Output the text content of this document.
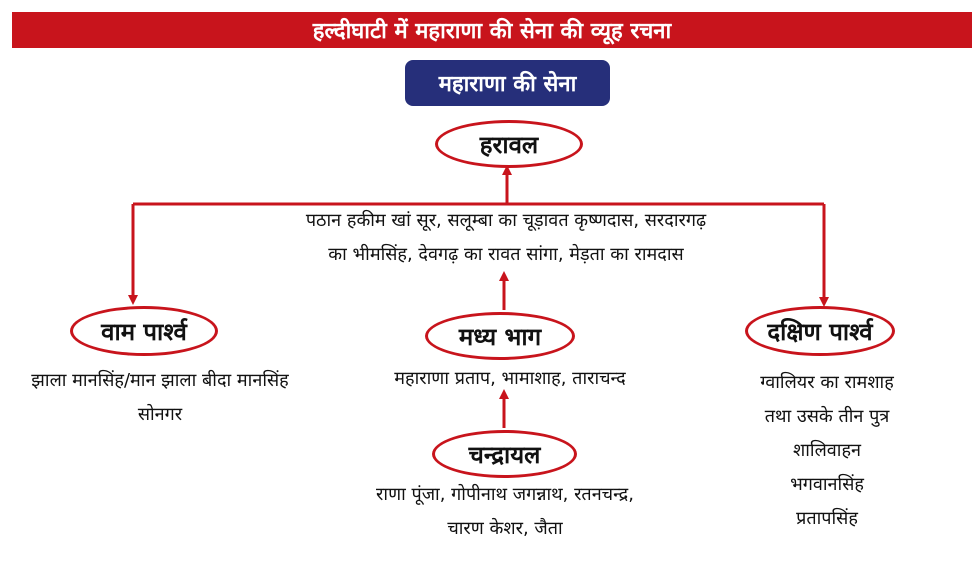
हल्दीघाटी में महाराणा की सेना की व्यूह रचना
महाराणा की सेना
हरावल
वाम पार्श्व	मध्य भाग	दक्षिण पार्श्व
चन्द्रायल
पठान हकीम खां सूर, सलूम्बा का चूड़ावत कृष्णदास, सरदारगढ़
का भीमसिंह, देवगढ़ का रावत सांगा, मेड़ता का रामदास
झाला मानसिंह/मान झाला बीदा मानसिंह
सोनगर
महाराणा प्रताप, भामाशाह, ताराचन्द	ग्वालियर का रामशाह
तथा उसके तीन पुत्र
शालिवाहन
भगवानसिंह
प्रतापसिंह
राणा पूंजा, गोपीनाथ जगन्नाथ, रतनचन्द्र,
चारण केशर, जैता
